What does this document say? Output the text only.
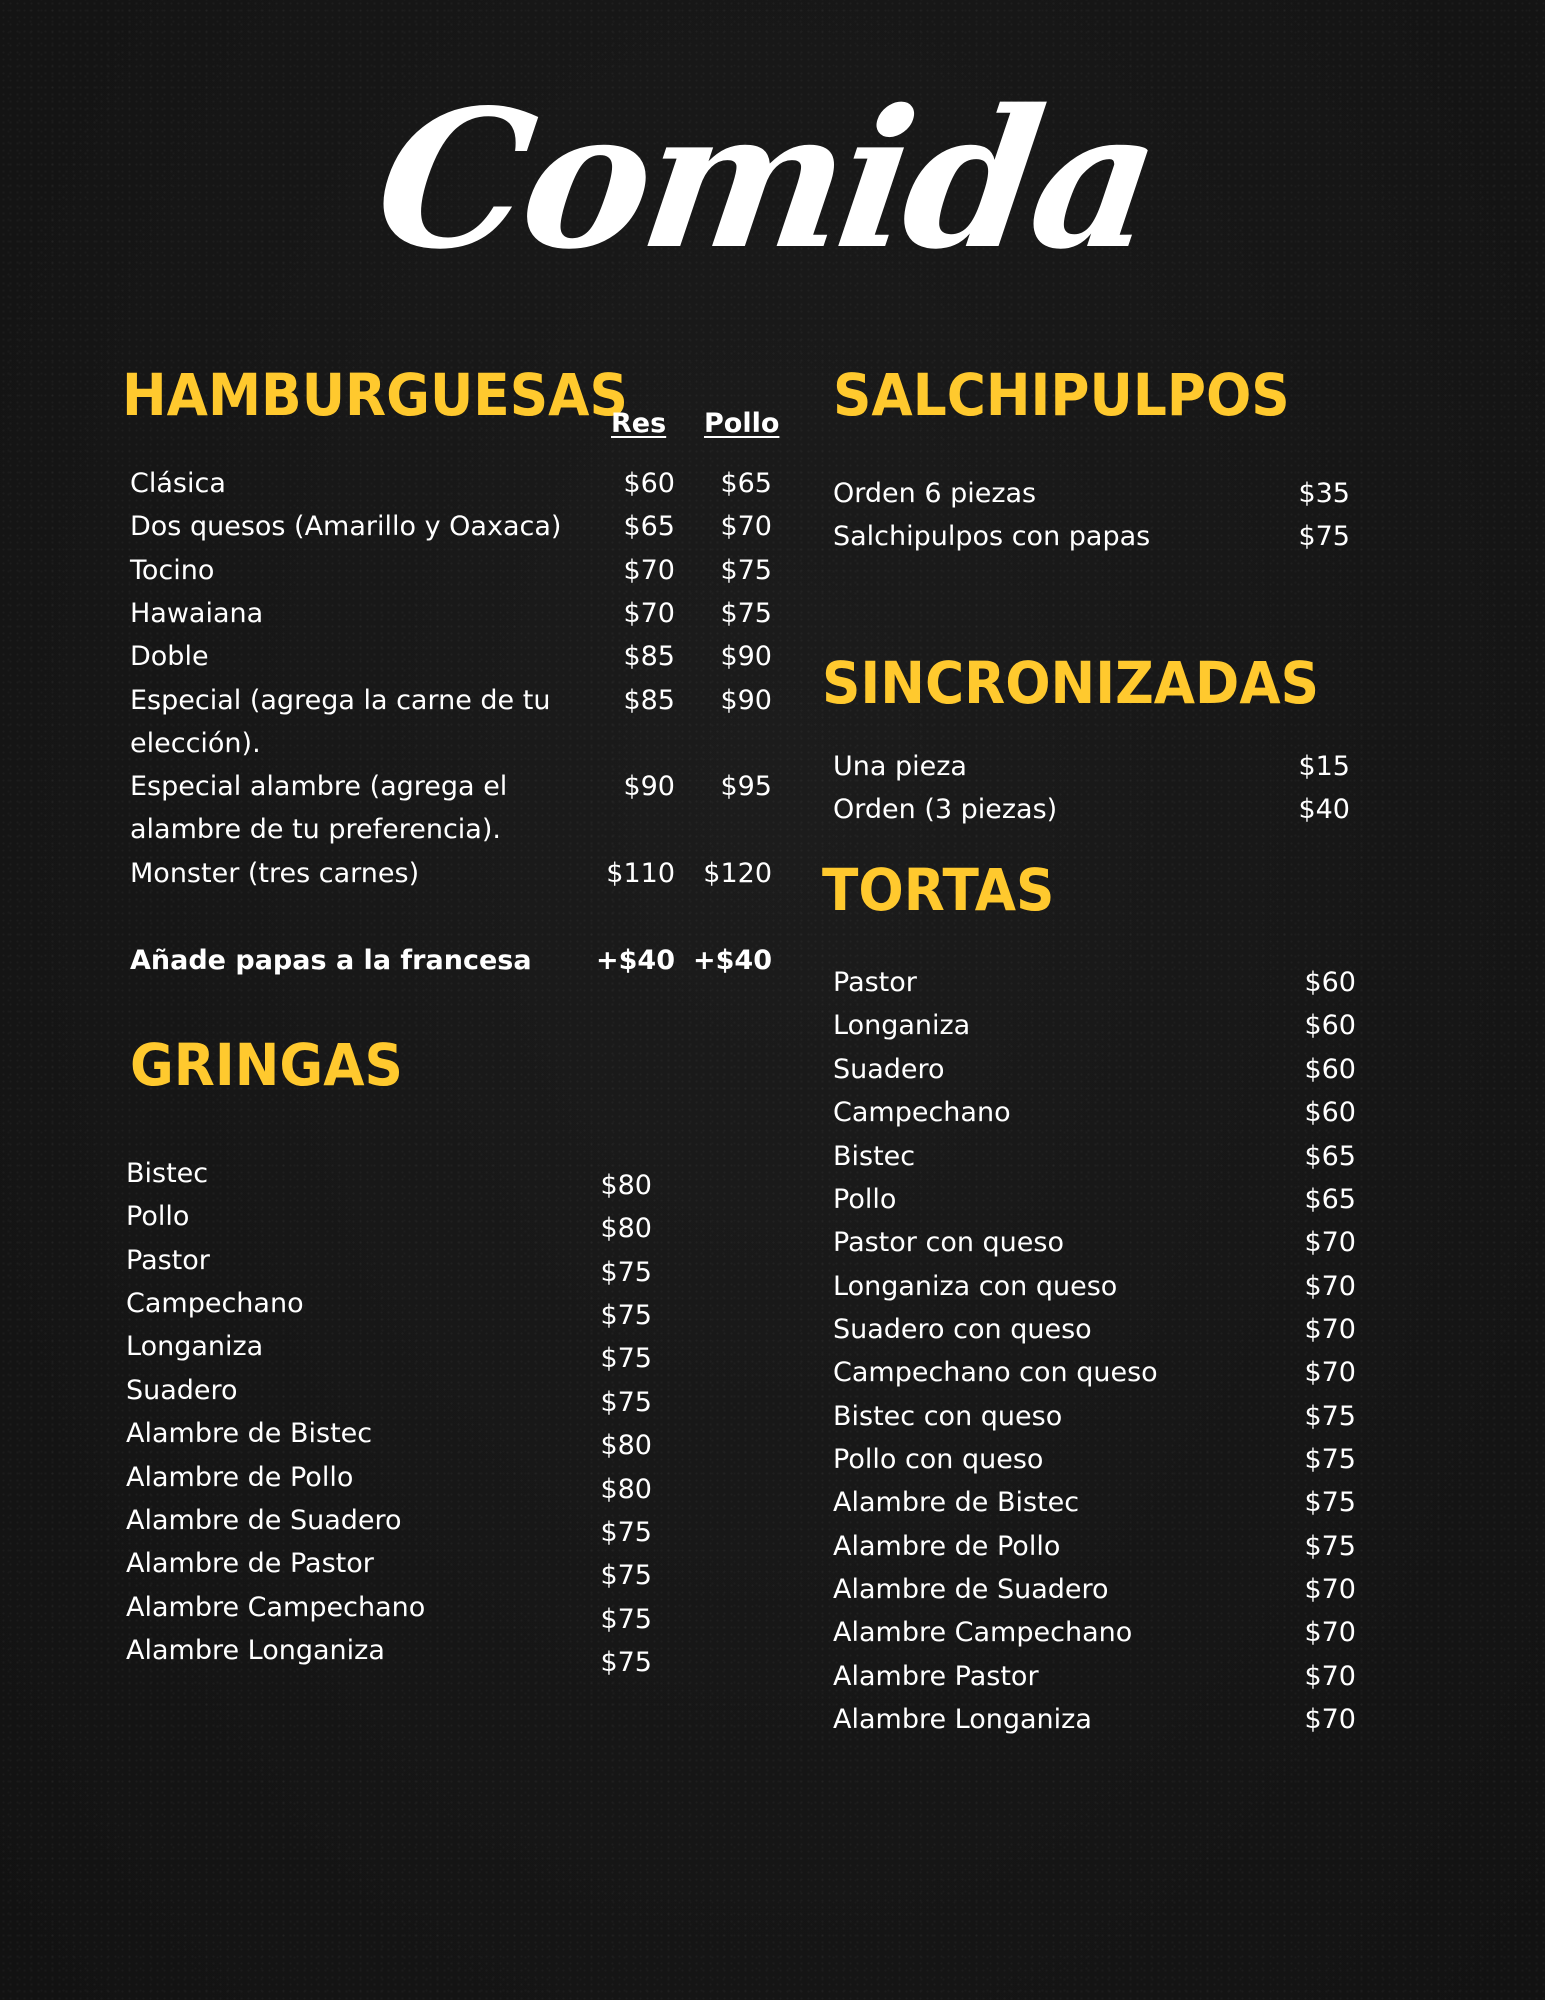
Comida
HAMBURGUESAS
Res Pollo
Clásica	$60 $65
Dos quesos (Amarillo y Oaxaca) $65 $70
Tocino	$70 $75
Hawaiana	$70 $75
Doble	$85 $90
Especial (agrega la carne de tu elección).
$85 $90
Especial alambre (agrega el alambre de tu preferencia).
$90 $95
Monster (tres carnes)	$110 $120
Añade papas a la francesa +$40 +$40
GRINGAS
Bistec	$80
Pollo	$80
Pastor	$75
Campechano	$75
Longaniza	$75
Suadero	$75
Alambre de Bistec	$80
Alambre de Pollo	$80
Alambre de Suadero	$75
Alambre de Pastor	$75
Alambre Campechano	$75
Alambre Longaniza	$75
SALCHIPULPOS
Orden 6 piezas	$35
Salchipulpos con papas	$75
SINCRONIZADAS
Una pieza	$15
Orden (3 piezas)	$40
TORTAS
Pastor	$60
Longaniza	$60
Suadero	$60
Campechano	$60
Bistec	$65
Pollo	$65
Pastor con queso	$70
Longaniza con queso	$70
Suadero con queso	$70
Campechano con queso	$70
Bistec con queso	$75
Pollo con queso	$75
Alambre de Bistec	$75
Alambre de Pollo	$75
Alambre de Suadero	$70
Alambre Campechano	$70
Alambre Pastor	$70
Alambre Longaniza	$70
